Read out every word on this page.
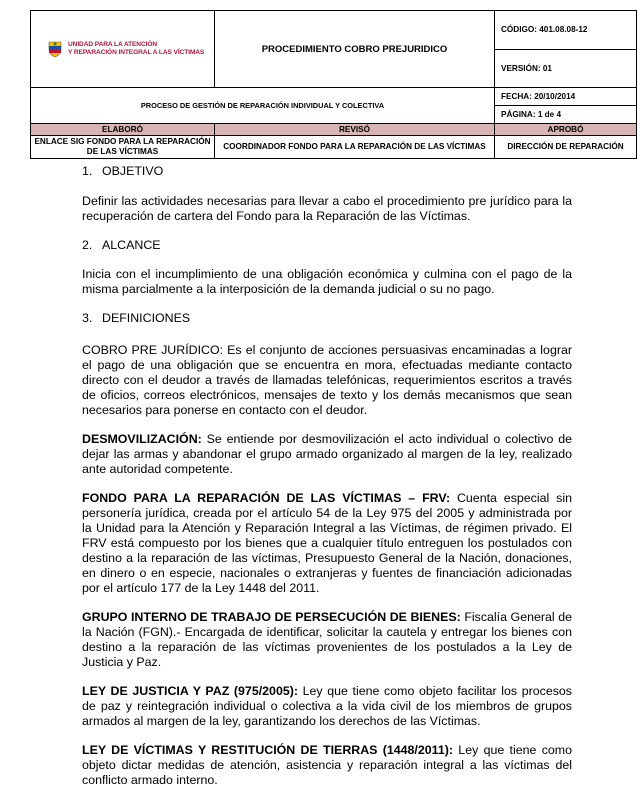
UNIDAD PARA LA ATENCIÓN
Y REPARACIÓN INTEGRAL A LAS VÍCTIMAS	PROCEDIMIENTO COBRO PREJURIDICO	CÓDIGO: 401.08.08-12
		VERSIÓN: 01
PROCESO DE GESTIÓN DE REPARACIÓN INDIVIDUAL Y COLECTIVA		FECHA: 20/10/2014
		PÁGINA: 1 de 4
ELABORÓ	REVISÓ	APROBÓ
ENLACE SIG FONDO PARA LA REPARACIÓN DE LAS VÍCTIMAS	COORDINADOR FONDO PARA LA REPARACIÓN DE LAS VÍCTIMAS	DIRECCIÓN DE REPARACIÓN
1. OBJETIVO

Definir las actividades necesarias para llevar a cabo el procedimiento pre jurídico para la recuperación de cartera del Fondo para la Reparación de las Víctimas.

2. ALCANCE

Inicia con el incumplimiento de una obligación económica y culmina con el pago de la misma parcialmente a la interposición de la demanda judicial o su no pago.

3. DEFINICIONES

COBRO PRE JURÍDICO: Es el conjunto de acciones persuasivas encaminadas a lograr el pago de una obligación que se encuentra en mora, efectuadas mediante contacto directo con el deudor a través de llamadas telefónicas, requerimientos escritos a través de oficios, correos electrónicos, mensajes de texto y los demás mecanismos que sean necesarios para ponerse en contacto con el deudor.

DESMOVILIZACIÓN: Se entiende por desmovilización el acto individual o colectivo de dejar las armas y abandonar el grupo armado organizado al margen de la ley, realizado ante autoridad competente.

FONDO PARA LA REPARACIÓN DE LAS VÍCTIMAS – FRV: Cuenta especial sin personería jurídica, creada por el artículo 54 de la Ley 975 del 2005 y administrada por la Unidad para la Atención y Reparación Integral a las Víctimas, de régimen privado. El FRV está compuesto por los bienes que a cualquier título entreguen los postulados con destino a la reparación de las víctimas, Presupuesto General de la Nación, donaciones, en dinero o en especie, nacionales o extranjeras y fuentes de financiación adicionadas por el artículo 177 de la Ley 1448 del 2011.

GRUPO INTERNO DE TRABAJO DE PERSECUCIÓN DE BIENES: Fiscalía General de la Nación (FGN).- Encargada de identificar, solicitar la cautela y entregar los bienes con destino a la reparación de las víctimas provenientes de los postulados a la Ley de Justicia y Paz.

LEY DE JUSTICIA Y PAZ (975/2005): Ley que tiene como objeto facilitar los procesos de paz y reintegración individual o colectiva a la vida civil de los miembros de grupos armados al margen de la ley, garantizando los derechos de las Víctimas.

LEY DE VÍCTIMAS Y RESTITUCIÓN DE TIERRAS (1448/2011): Ley que tiene como objeto dictar medidas de atención, asistencia y reparación integral a las víctimas del conflicto armado interno.
